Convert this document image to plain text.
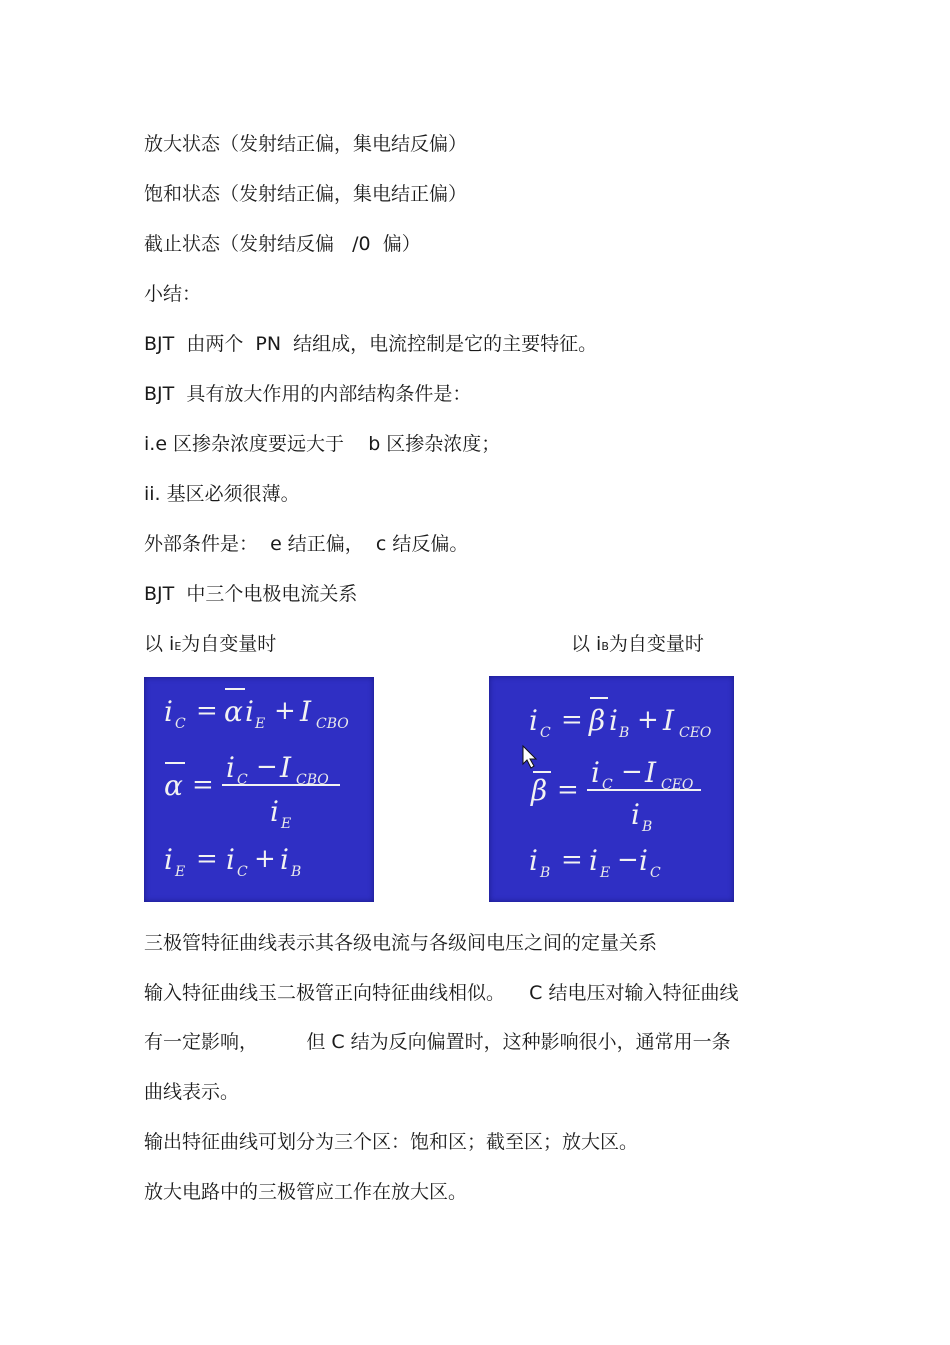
放大状态（发射结正偏，集电结反偏）
饱和状态（发射结正偏，集电结正偏）
截止状态（发射结反偏   /0  偏）
小结：
BJT  由两个  PN  结组成，电流控制是它的主要特征。
BJT  具有放大作用的内部结构条件是：
i.e 区掺杂浓度要远大于    b 区掺杂浓度；
ii. 基区必须很薄。
外部条件是：  e 结正偏，  c 结反偏。
BJT  中三个电极电流关系
以 iE为自变量时	以 iB为自变量时
i C = α i E + I CBO
α =
i C − I CBO
i E
i E = i C + i B
i C = β i B + I CEO
β =
i C − I CEO
i B
i B = i E − i C
三极管特征曲线表示其各级电流与各级间电压之间的定量关系
输入特征曲线玉二极管正向特征曲线相似。    C 结电压对输入特征曲线
有一定影响，        但 C 结为反向偏置时，这种影响很小，通常用一条
曲线表示。
输出特征曲线可划分为三个区：饱和区；截至区；放大区。
放大电路中的三极管应工作在放大区。
